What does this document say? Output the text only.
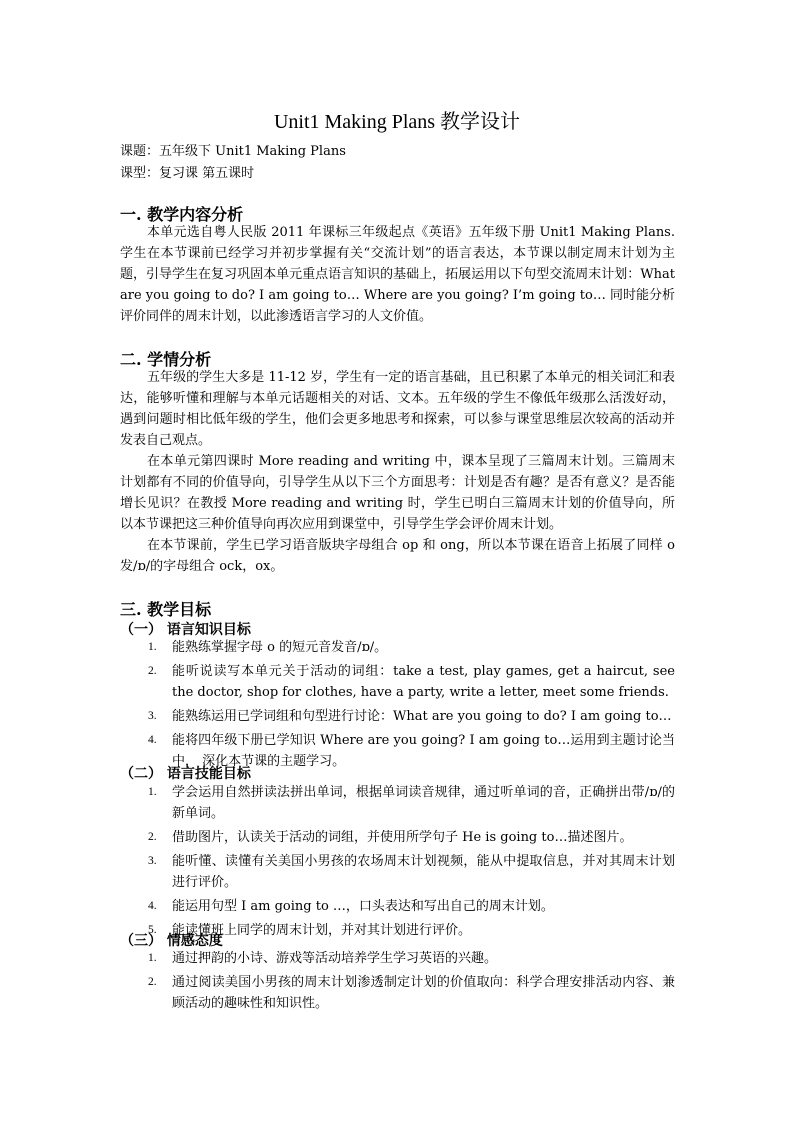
Unit1 Making Plans 教学设计
课题：五年级下 Unit1 Making Plans
课型：复习课 第五课时
一. 教学内容分析

本单元选自粤人民版 2011 年课标三年级起点《英语》五年级下册 Unit1 Making Plans. 学生在本节课前已经学习并初步掌握有关“交流计划”的语言表达，本节课以制定周末计划为主题，引导学生在复习巩固本单元重点语言知识的基础上，拓展运用以下句型交流周末计划：What are you going to do? I am going to… Where are you going? I’m going to… 同时能分析评价同伴的周末计划，以此渗透语言学习的人文价值。

二. 学情分析

五年级的学生大多是 11-12 岁，学生有一定的语言基础，且已积累了本单元的相关词汇和表达，能够听懂和理解与本单元话题相关的对话、文本。五年级的学生不像低年级那么活泼好动，遇到问题时相比低年级的学生，他们会更多地思考和探索，可以参与课堂思维层次较高的活动并发表自己观点。

在本单元第四课时 More reading and writing 中，课本呈现了三篇周末计划。三篇周末计划都有不同的价值导向，引导学生从以下三个方面思考：计划是否有趣？是否有意义？是否能增长见识？在教授 More reading and writing 时，学生已明白三篇周末计划的价值导向，所以本节课把这三种价值导向再次应用到课堂中，引导学生学会评价周末计划。

在本节课前，学生已学习语音版块字母组合 op 和 ong，所以本节课在语音上拓展了同样 o 发/ɒ/的字母组合 ock，ox。

三. 教学目标
（一） 语言知识目标
1. 能熟练掌握字母 o 的短元音发音/ɒ/。
2. 能听说读写本单元关于活动的词组：take a test, play games, get a haircut, see the doctor, shop for clothes, have a party, write a letter, meet some friends.
3. 能熟练运用已学词组和句型进行讨论：What are you going to do? I am going to…
4. 能将四年级下册已学知识 Where are you going? I am going to…运用到主题讨论当中， 深化本节课的主题学习。
（二） 语言技能目标
1. 学会运用自然拼读法拼出单词，根据单词读音规律，通过听单词的音，正确拼出带/ɒ/的新单词。
2. 借助图片，认读关于活动的词组，并使用所学句子 He is going to…描述图片。
3. 能听懂、读懂有关美国小男孩的农场周末计划视频，能从中提取信息，并对其周末计划进行评价。
4. 能运用句型 I am going to …，口头表达和写出自己的周末计划。
5. 能读懂班上同学的周末计划，并对其计划进行评价。
（三） 情感态度
1. 通过押韵的小诗、游戏等活动培养学生学习英语的兴趣。
2. 通过阅读美国小男孩的周末计划渗透制定计划的价值取向：科学合理安排活动内容、兼顾活动的趣味性和知识性。
